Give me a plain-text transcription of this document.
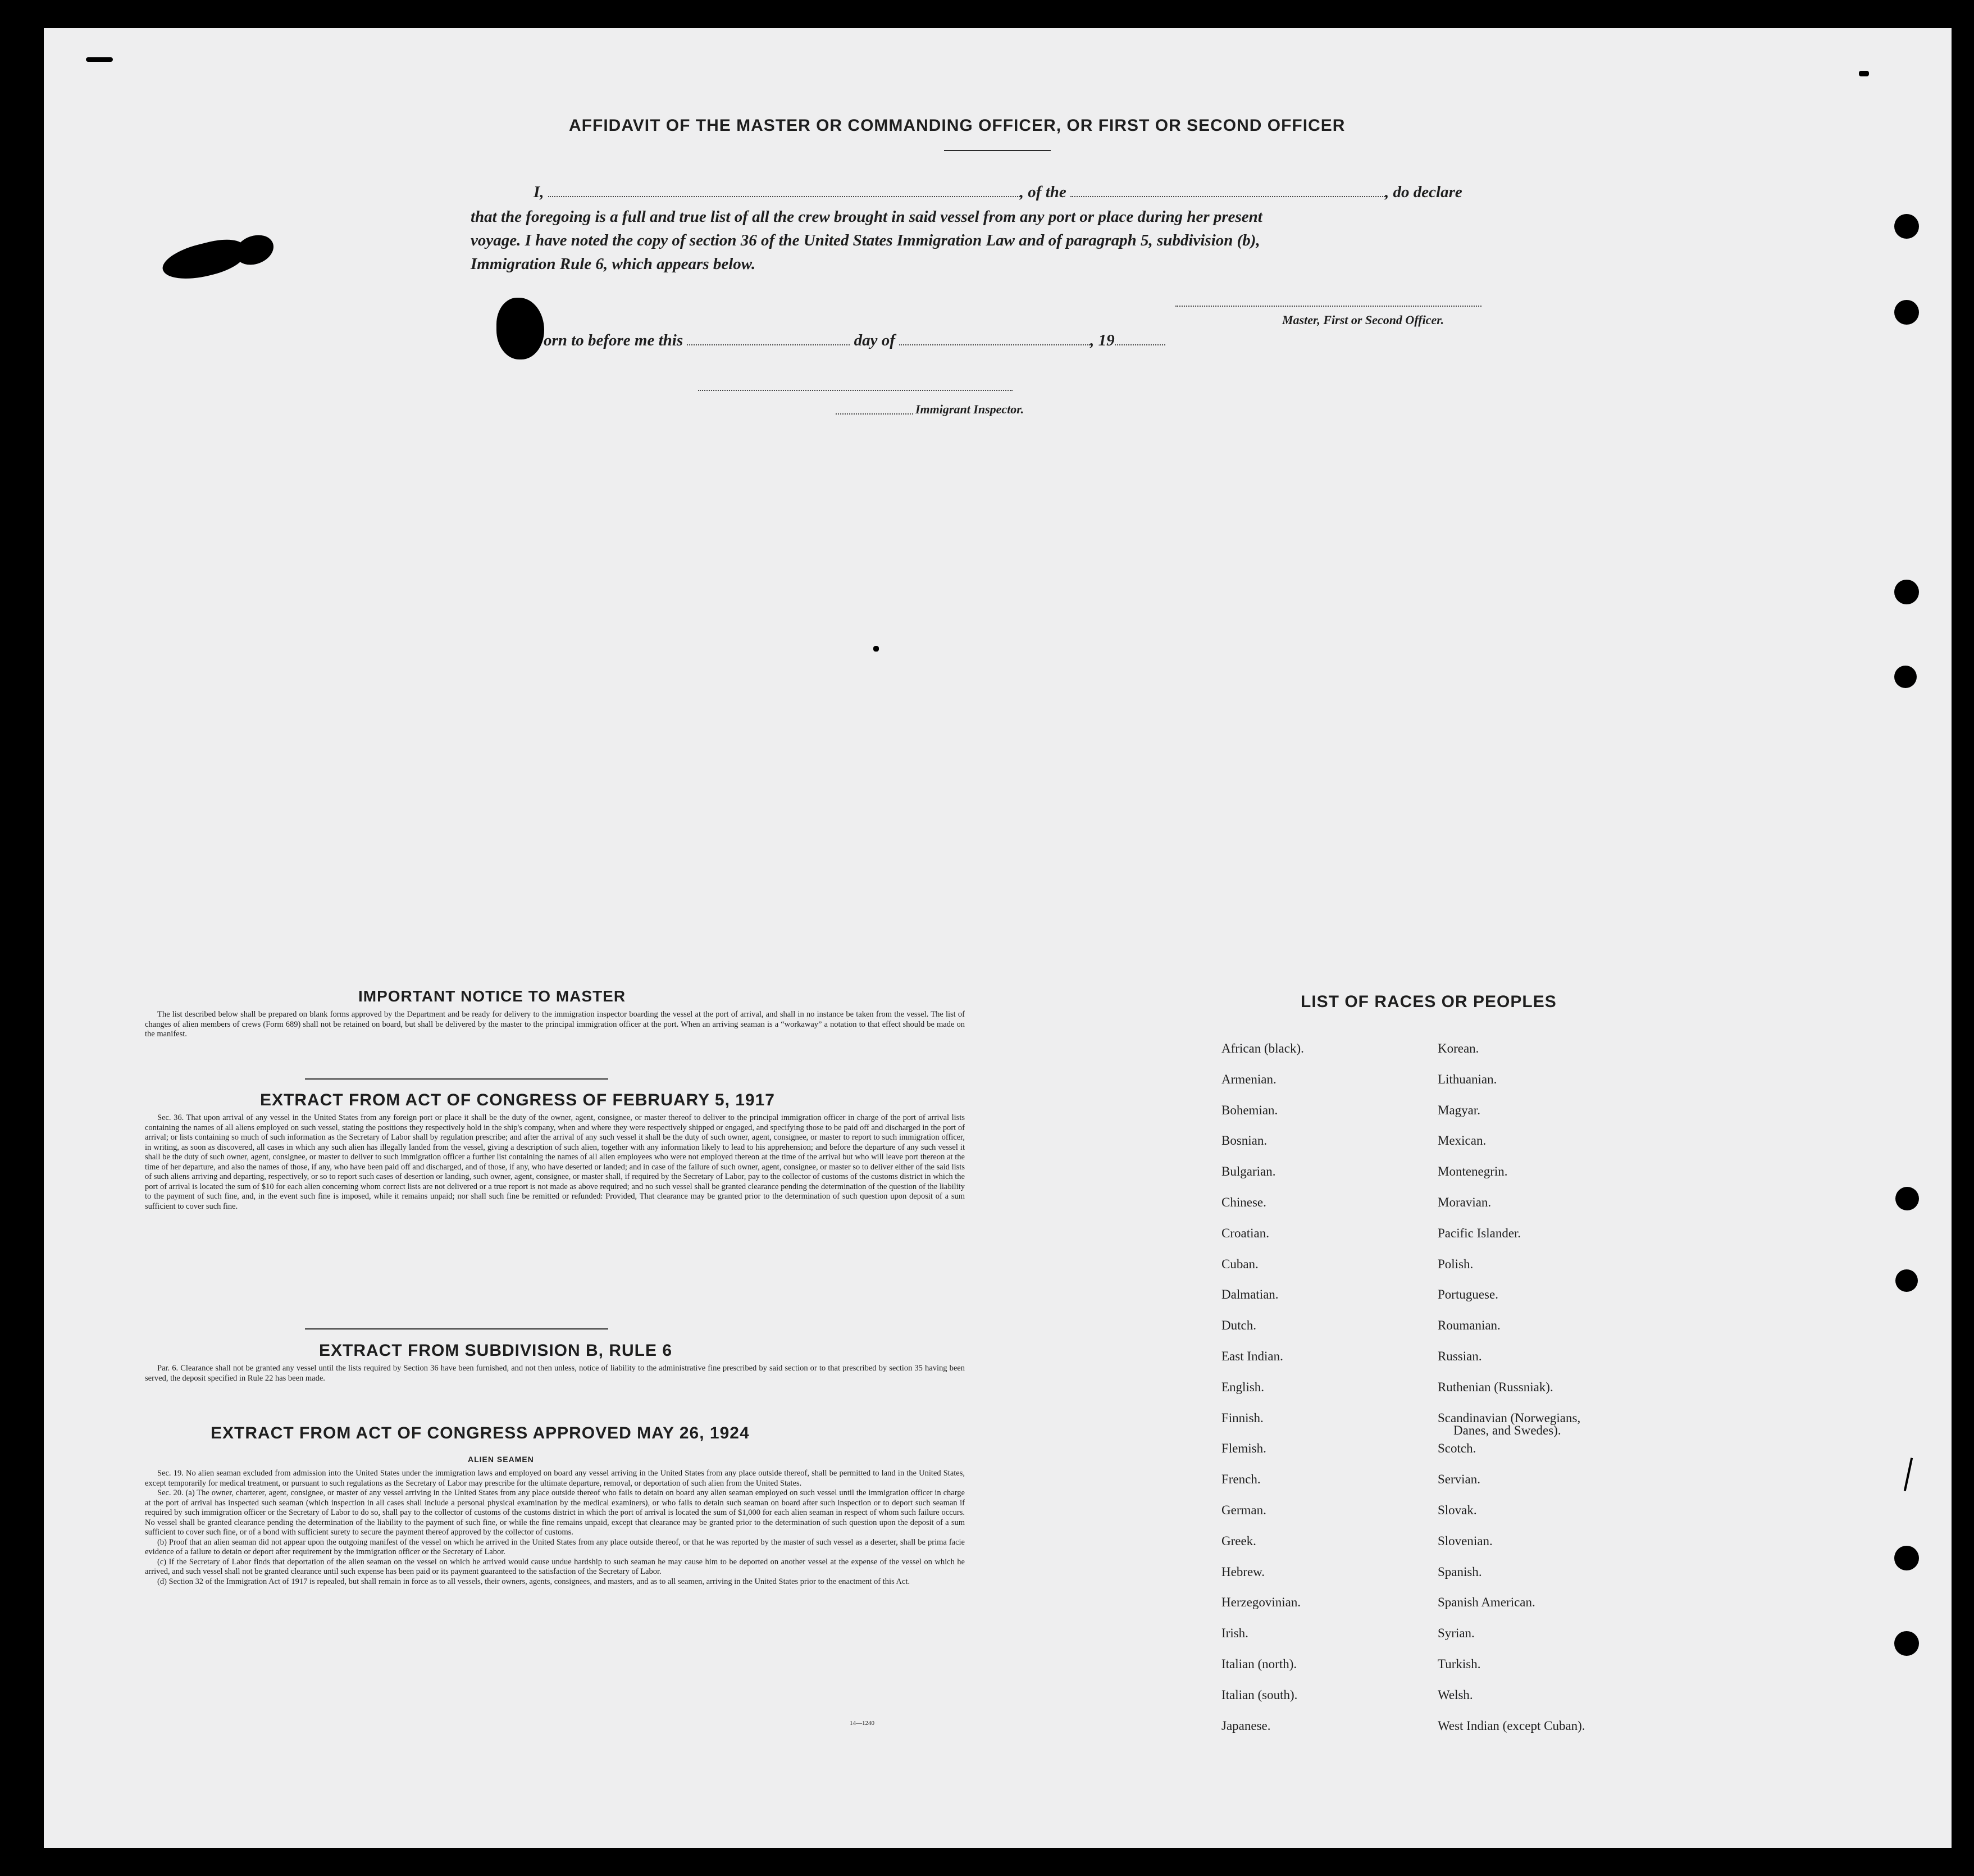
AFFIDAVIT OF THE MASTER OR COMMANDING OFFICER, OR FIRST OR SECOND OFFICER
I,	, of the	, do declare
that the foregoing is a full and true list of all the crew brought in said vessel from any port or place during her present
voyage. I have noted the copy of section 36 of the United States Immigration Law and of paragraph 5, subdivision (b),
Immigration Rule 6, which appears below.
Master, First or Second Officer.
orn to before me this	day of	, 19
Immigrant Inspector.
IMPORTANT NOTICE TO MASTER
The list described below shall be prepared on blank forms approved by the Department and be ready for delivery to the immigration inspector boarding the vessel at the port of arrival, and shall in no instance be taken from the vessel. The list of changes of alien members of crews (Form 689) shall not be retained on board, but shall be delivered by the master to the principal immigration officer at the port. When an arriving seaman is a “workaway” a notation to that effect should be made on the manifest.
EXTRACT FROM ACT OF CONGRESS OF FEBRUARY 5, 1917
Sec. 36. That upon arrival of any vessel in the United States from any foreign port or place it shall be the duty of the owner, agent, consignee, or master thereof to deliver to the principal immigration officer in charge of the port of arrival lists containing the names of all aliens employed on such vessel, stating the positions they respectively hold in the ship's company, when and where they were respectively shipped or engaged, and specifying those to be paid off and discharged in the port of arrival; or lists containing so much of such information as the Secretary of Labor shall by regulation prescribe; and after the arrival of any such vessel it shall be the duty of such owner, agent, consignee, or master to report to such immigration officer, in writing, as soon as discovered, all cases in which any such alien has illegally landed from the vessel, giving a description of such alien, together with any information likely to lead to his apprehension; and before the departure of any such vessel it shall be the duty of such owner, agent, consignee, or master to deliver to such immigration officer a further list containing the names of all alien employees who were not employed thereon at the time of the arrival but who will leave port thereon at the time of her departure, and also the names of those, if any, who have been paid off and discharged, and of those, if any, who have deserted or landed; and in case of the failure of such owner, agent, consignee, or master so to deliver either of the said lists of such aliens arriving and departing, respectively, or so to report such cases of desertion or landing, such owner, agent, consignee, or master shall, if required by the Secretary of Labor, pay to the collector of customs of the customs district in which the port of arrival is located the sum of $10 for each alien concerning whom correct lists are not delivered or a true report is not made as above required; and no such vessel shall be granted clearance pending the determination of the question of the liability to the payment of such fine, and, in the event such fine is imposed, while it remains unpaid; nor shall such fine be remitted or refunded: Provided, That clearance may be granted prior to the determination of such question upon deposit of a sum sufficient to cover such fine.
EXTRACT FROM SUBDIVISION B, RULE 6
Par. 6. Clearance shall not be granted any vessel until the lists required by Section 36 have been furnished, and not then unless, notice of liability to the administrative fine prescribed by said section or to that prescribed by section 35 having been served, the deposit specified in Rule 22 has been made.
EXTRACT FROM ACT OF CONGRESS APPROVED MAY 26, 1924
ALIEN SEAMEN
Sec. 19. No alien seaman excluded from admission into the United States under the immigration laws and employed on board any vessel arriving in the United States from any place outside thereof, shall be permitted to land in the United States, except temporarily for medical treatment, or pursuant to such regulations as the Secretary of Labor may prescribe for the ultimate departure, removal, or deportation of such alien from the United States.
Sec. 20. (a) The owner, charterer, agent, consignee, or master of any vessel arriving in the United States from any place outside thereof who fails to detain on board any alien seaman employed on such vessel until the immigration officer in charge at the port of arrival has inspected such seaman (which inspection in all cases shall include a personal physical examination by the medical examiners), or who fails to detain such seaman on board after such inspection or to deport such seaman if required by such immigration officer or the Secretary of Labor to do so, shall pay to the collector of customs of the customs district in which the port of arrival is located the sum of $1,000 for each alien seaman in respect of whom such failure occurs. No vessel shall be granted clearance pending the determination of the liability to the payment of such fine, or while the fine remains unpaid, except that clearance may be granted prior to the determination of such question upon the deposit of a sum sufficient to cover such fine, or of a bond with sufficient surety to secure the payment thereof approved by the collector of customs.
(b) Proof that an alien seaman did not appear upon the outgoing manifest of the vessel on which he arrived in the United States from any place outside thereof, or that he was reported by the master of such vessel as a deserter, shall be prima facie evidence of a failure to detain or deport after requirement by the immigration officer or the Secretary of Labor.
(c) If the Secretary of Labor finds that deportation of the alien seaman on the vessel on which he arrived would cause undue hardship to such seaman he may cause him to be deported on another vessel at the expense of the vessel on which he arrived, and such vessel shall not be granted clearance until such expense has been paid or its payment guaranteed to the satisfaction of the Secretary of Labor.
(d) Section 32 of the Immigration Act of 1917 is repealed, but shall remain in force as to all vessels, their owners, agents, consignees, and masters, and as to all seamen, arriving in the United States prior to the enactment of this Act.
14—1240
LIST OF RACES OR PEOPLES
African (black).
Armenian.
Bohemian.
Bosnian.
Bulgarian.
Chinese.
Croatian.
Cuban.
Dalmatian.
Dutch.
East Indian.
English.
Finnish.
Flemish.
French.
German.
Greek.
Hebrew.
Herzegovinian.
Irish.
Italian (north).
Italian (south).
Japanese.
Korean.
Lithuanian.
Magyar.
Mexican.
Montenegrin.
Moravian.
Pacific Islander.
Polish.
Portuguese.
Roumanian.
Russian.
Ruthenian (Russniak).
Scandinavian (Norwegians,
Scotch.
Servian.
Slovak.
Slovenian.
Spanish.
Spanish American.
Syrian.
Turkish.
Welsh.
West Indian (except Cuban).
Danes, and Swedes).
